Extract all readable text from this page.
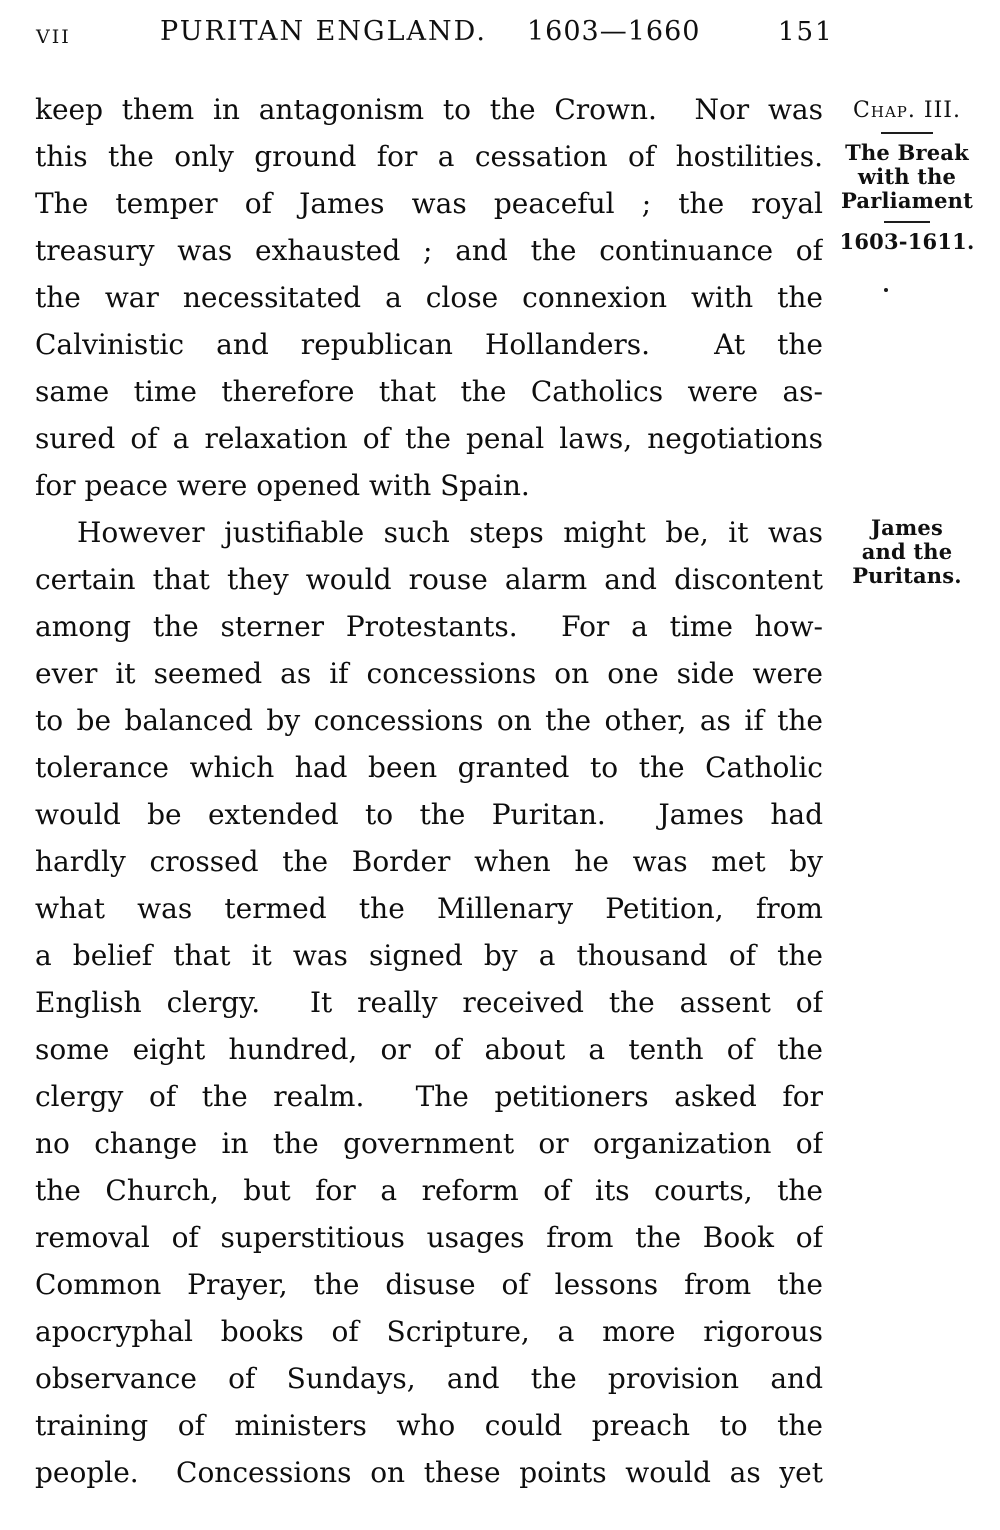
VII	PURITAN ENGLAND. 1603—1660	151
keep them in antagonism to the Crown.  Nor was
this the only ground for a cessation of hostilities.
The temper of James was peaceful ; the royal
treasury was exhausted ; and the continuance of
the war necessitated a close connexion with the
Calvinistic and republican Hollanders.  At the
same time therefore that the Catholics were as-
sured of a relaxation of the penal laws, negotiations
for peace were opened with Spain.
However justifiable such steps might be, it was
certain that they would rouse alarm and discontent
among the sterner Protestants.  For a time how-
ever it seemed as if concessions on one side were
to be balanced by concessions on the other, as if the
tolerance which had been granted to the Catholic
would be extended to the Puritan.  James had
hardly crossed the Border when he was met by
what was termed the Millenary Petition, from
a belief that it was signed by a thousand of the
English clergy.  It really received the assent of
some eight hundred, or of about a tenth of the
clergy of the realm.  The petitioners asked for
no change in the government or organization of
the Church, but for a reform of its courts, the
removal of superstitious usages from the Book of
Common Prayer, the disuse of lessons from the
apocryphal books of Scripture, a more rigorous
observance of Sundays, and the provision and
training of ministers who could preach to the
people.  Concessions on these points would as yet
Chap. III.
The Break
with the
Parliament
1603-1611.
James
and the
Puritans.
